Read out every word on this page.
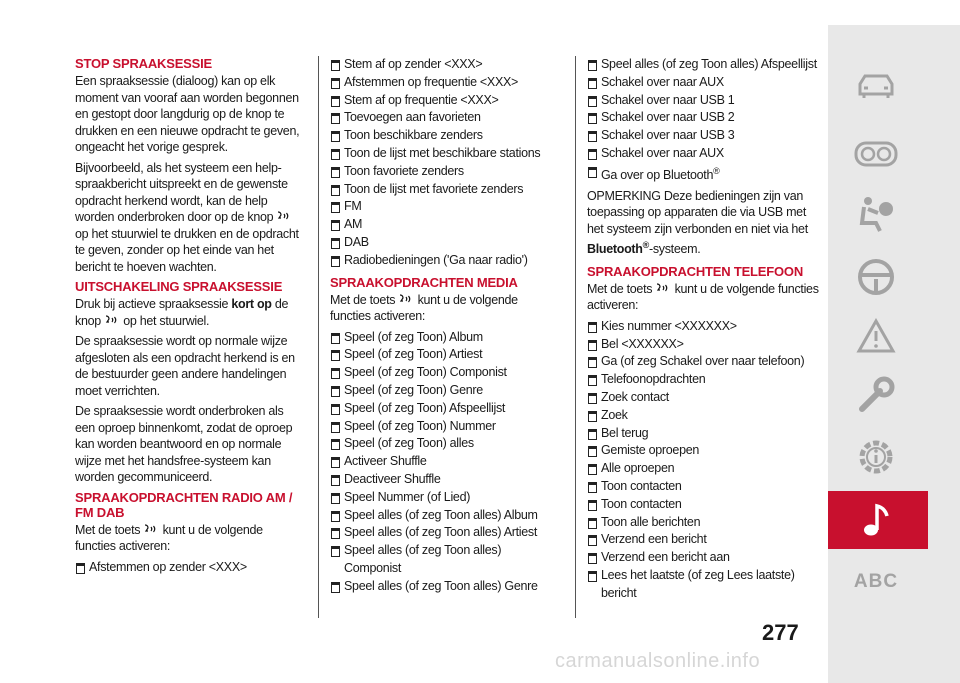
STOP SPRAAKSESSIE

Een spraaksessie (dialoog) kan op elk moment van vooraf aan worden begonnen en gestopt door langdurig op de knop te drukken en een nieuwe opdracht te geven, ongeacht het vorige gesprek.

Bijvoorbeeld, als het systeem een help-spraakbericht uitspreekt en de gewenste opdracht herkend wordt, kan de help worden onderbroken door op de knop  op het stuurwiel te drukken en de opdracht te geven, zonder op het einde van het bericht te hoeven wachten.

UITSCHAKELING SPRAAKSESSIE

Druk bij actieve spraaksessie kort op de knop op het stuurwiel.

De spraaksessie wordt op normale wijze afgesloten als een opdracht herkend is en de bestuurder geen andere handelingen moet verrichten.

De spraaksessie wordt onderbroken als een oproep binnenkomt, zodat de oproep kan worden beantwoord en op normale wijze met het handsfree-systeem kan worden gecommuniceerd.

SPRAAKOPDRACHTEN RADIO AM / FM DAB

Met de toets kunt u de volgende functies activeren:

Afstemmen op zender <XXX>
Stem af op zender <XXX>
Afstemmen op frequentie <XXX>
Stem af op frequentie <XXX>
Toevoegen aan favorieten
Toon beschikbare zenders
Toon de lijst met beschikbare stations
Toon favoriete zenders
Toon de lijst met favoriete zenders
FM
AM
DAB
Radiobedieningen ('Ga naar radio')
SPRAAKOPDRACHTEN MEDIA

Met de toets kunt u de volgende functies activeren:

Speel (of zeg Toon) Album
Speel (of zeg Toon) Artiest
Speel (of zeg Toon) Componist
Speel (of zeg Toon) Genre
Speel (of zeg Toon) Afspeellijst
Speel (of zeg Toon) Nummer
Speel (of zeg Toon) alles
Activeer Shuffle
Deactiveer Shuffle
Speel Nummer (of Lied)
Speel alles (of zeg Toon alles) Album
Speel alles (of zeg Toon alles) Artiest
Speel alles (of zeg Toon alles) Componist
Speel alles (of zeg Toon alles) Genre
Speel alles (of zeg Toon alles) Afspeellijst
Schakel over naar AUX
Schakel over naar USB 1
Schakel over naar USB 2
Schakel over naar USB 3
Schakel over naar AUX
Ga over op Bluetooth®

OPMERKING Deze bedieningen zijn van toepassing op apparaten die via USB met het systeem zijn verbonden en niet via het Bluetooth®-systeem.

SPRAAKOPDRACHTEN TELEFOON

Met de toets kunt u de volgende functies activeren:

Kies nummer <XXXXXX>
Bel <XXXXXX>
Ga (of zeg Schakel over naar telefoon)
Telefoonopdrachten
Zoek contact
Zoek
Bel terug
Gemiste oproepen
Alle oproepen
Toon contacten
Toon contacten
Toon alle berichten
Verzend een bericht
Verzend een bericht aan
Lees het laatste (of zeg Lees laatste) bericht
ABC
277
carmanualsonline.info
